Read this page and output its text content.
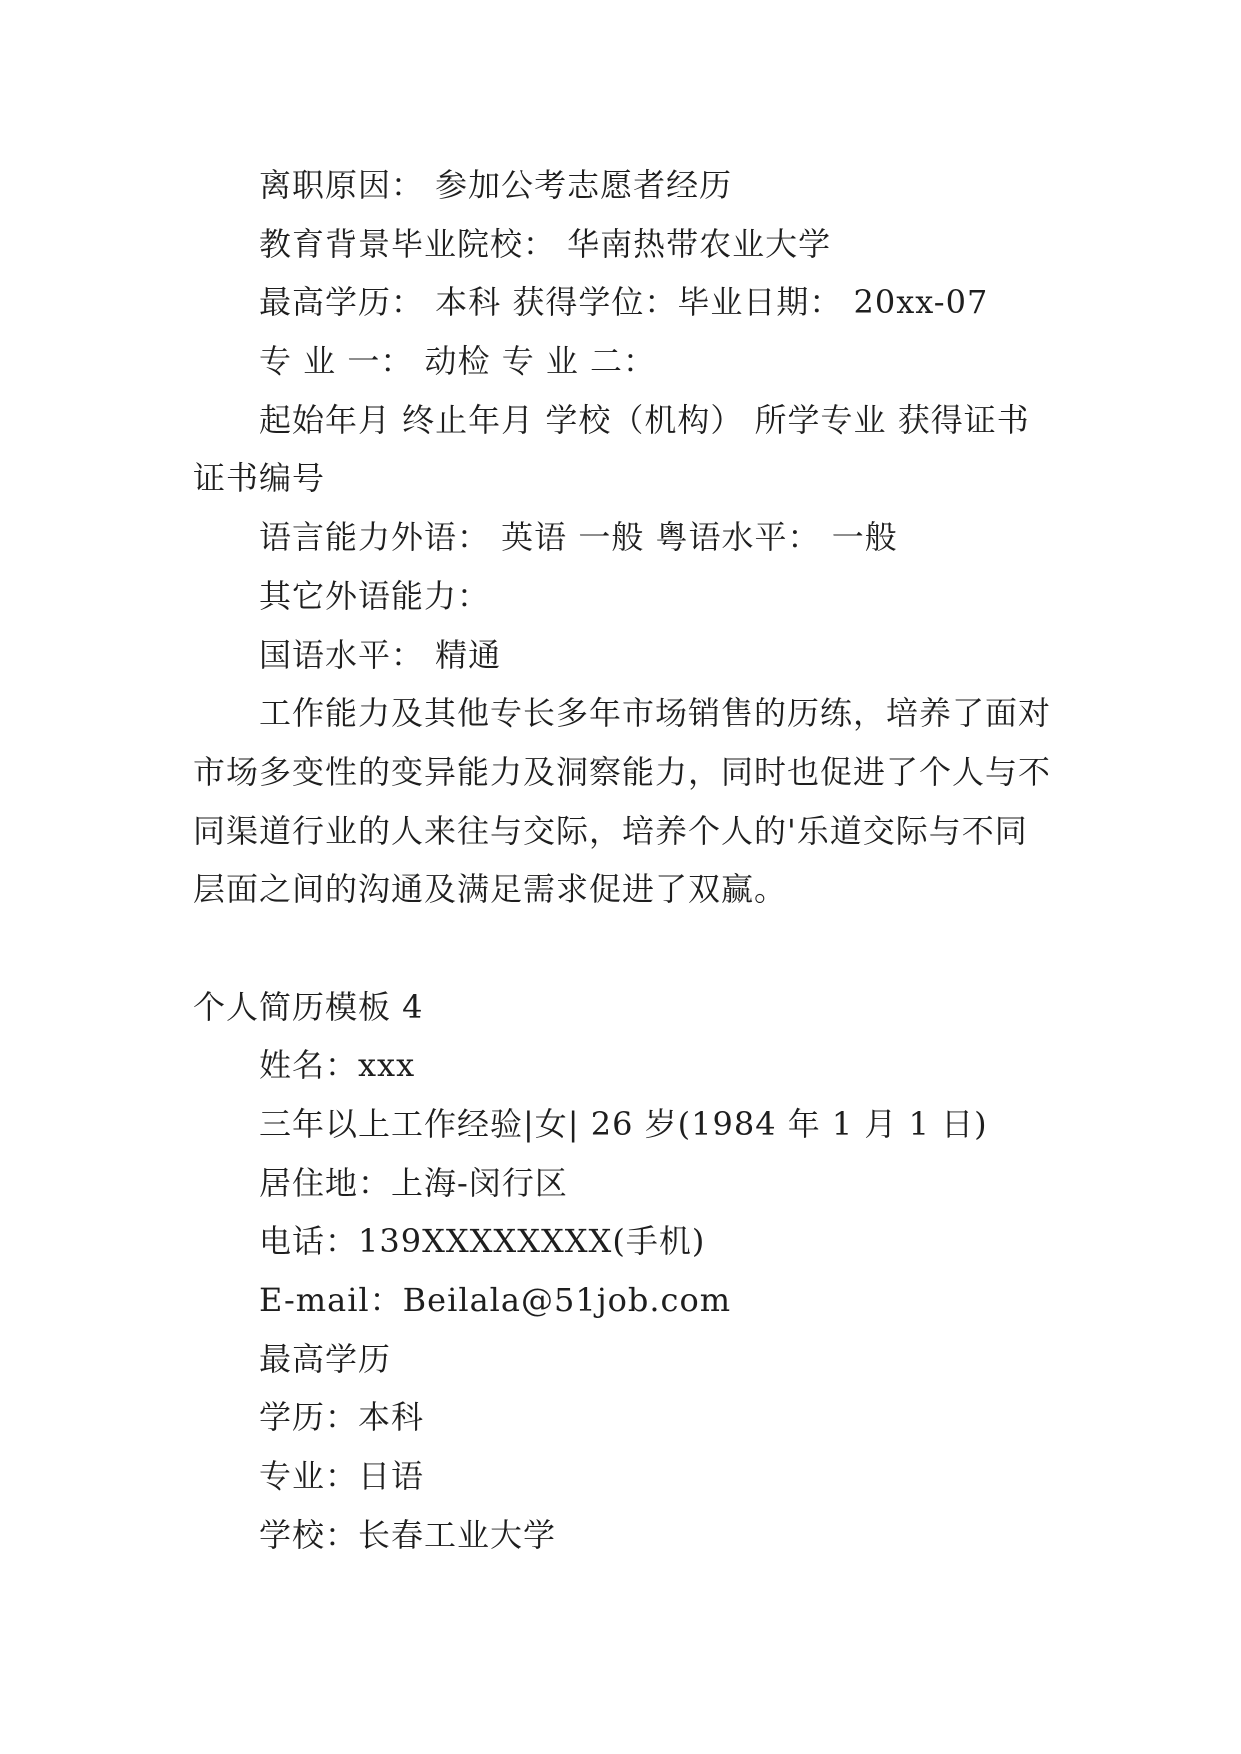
离职原因： 参加公考志愿者经历
教育背景毕业院校： 华南热带农业大学
最高学历： 本科 获得学位：毕业日期： 20xx-07
专 业 一： 动检 专 业 二：
起始年月 终止年月 学校（机构） 所学专业 获得证书
证书编号
语言能力外语： 英语 一般 粤语水平： 一般
其它外语能力：
国语水平： 精通
工作能力及其他专长多年市场销售的历练，培养了面对
市场多变性的变异能力及洞察能力，同时也促进了个人与不
同渠道行业的人来往与交际，培养个人的'乐道交际与不同
层面之间的沟通及满足需求促进了双赢。
个人简历模板 4
姓名：xxx
三年以上工作经验|女| 26 岁(1984 年 1 月 1 日)
居住地：上海-闵行区
电话：139XXXXXXXX(手机)
E-mail：Beilala@51job.com
最高学历
学历：本科
专业：日语
学校：长春工业大学
